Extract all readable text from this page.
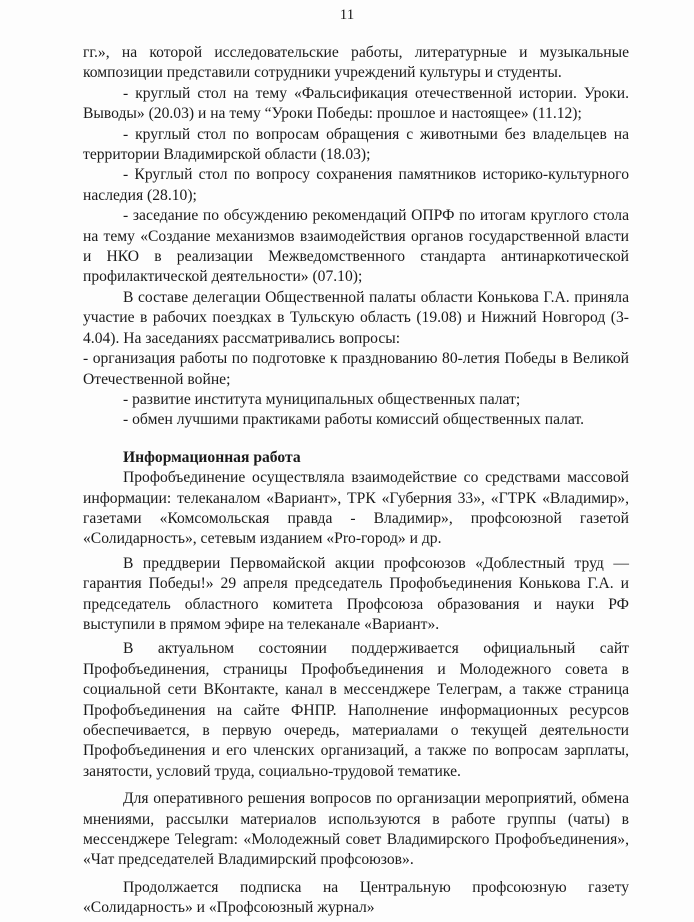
11

гг.», на которой исследовательские работы, литературные и музыкальные композиции представили сотрудники учреждений культуры и студенты.

- круглый стол на тему «Фальсификация отечественной истории. Уроки. Выводы» (20.03) и на тему “Уроки Победы: прошлое и настоящее» (11.12);

- круглый стол по вопросам обращения с животными без владельцев на территории Владимирской области (18.03);

- Круглый стол по вопросу сохранения памятников историко-культурного наследия (28.10);

- заседание по обсуждению рекомендаций ОПРФ по итогам круглого стола на тему «Создание механизмов взаимодействия органов государственной власти и НКО в реализации Межведомственного стандарта антинаркотической профилактической деятельности» (07.10);

В составе делегации Общественной палаты области Конькова Г.А. приняла участие в рабочих поездках в Тульскую область (19.08) и Нижний Новгород (3-4.04). На заседаниях рассматривались вопросы:

- организация работы по подготовке к празднованию 80-летия Победы в Великой Отечественной войне;

- развитие института муниципальных общественных палат;

- обмен лучшими практиками работы комиссий общественных палат.

Информационная работа

Профобъединение осуществляла взаимодействие со средствами массовой информации: телеканалом «Вариант», ТРК «Губерния 33», «ГТРК «Владимир», газетами «Комсомольская правда - Владимир», профсоюзной газетой «Солидарность», сетевым изданием «Pro-город» и др.

В преддверии Первомайской акции профсоюзов «Доблестный труд — гарантия Победы!» 29 апреля председатель Профобъединения Конькова Г.А. и председатель областного комитета Профсоюза образования и науки РФ выступили в прямом эфире на телеканале «Вариант».

В актуальном состоянии поддерживается официальный сайт Профобъединения, страницы Профобъединения и Молодежного совета в социальной сети ВКонтакте, канал в мессенджере Телеграм, а также страница Профобъединения на сайте ФНПР. Наполнение информационных ресурсов обеспечивается, в первую очередь, материалами о текущей деятельности Профобъединения и его членских организаций, а также по вопросам зарплаты, занятости, условий труда, социально-трудовой тематике.

Для оперативного решения вопросов по организации мероприятий, обмена мнениями, рассылки материалов используются в работе группы (чаты) в мессенджере Telegram: «Молодежный совет Владимирского Профобъединения», «Чат председателей Владимирский профсоюзов».

Продолжается подписка на Центральную профсоюзную газету «Солидарность» и «Профсоюзный журнал»
